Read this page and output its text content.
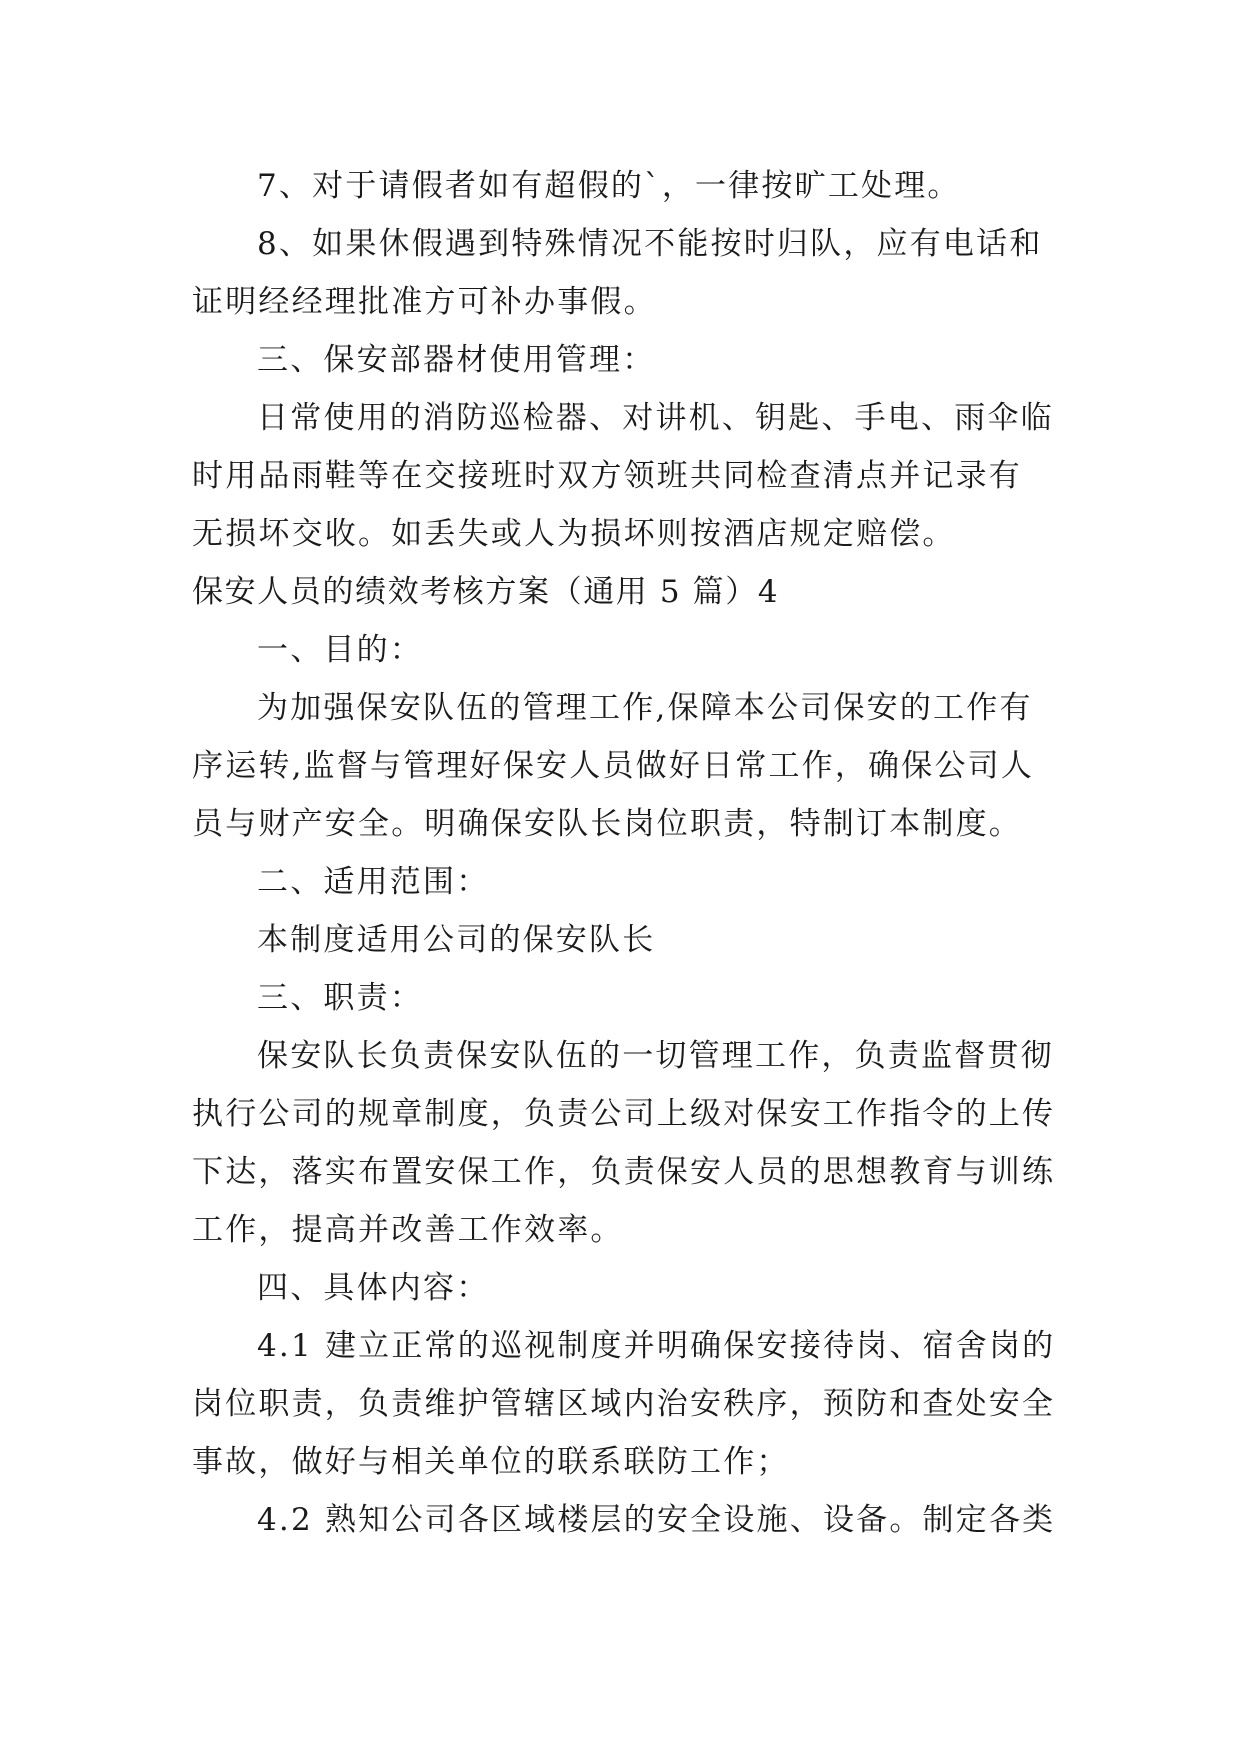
7、对于请假者如有超假的`，一律按旷工处理。
8、如果休假遇到特殊情况不能按时归队，应有电话和
证明经经理批准方可补办事假。
三、保安部器材使用管理：
日常使用的消防巡检器、对讲机、钥匙、手电、雨伞临
时用品雨鞋等在交接班时双方领班共同检查清点并记录有
无损坏交收。如丢失或人为损坏则按酒店规定赔偿。
保安人员的绩效考核方案（通用 5 篇）4
一、目的：
为加强保安队伍的管理工作,保障本公司保安的工作有
序运转,监督与管理好保安人员做好日常工作，确保公司人
员与财产安全。明确保安队长岗位职责，特制订本制度。
二、适用范围：
本制度适用公司的保安队长
三、职责：
保安队长负责保安队伍的一切管理工作，负责监督贯彻
执行公司的规章制度，负责公司上级对保安工作指令的上传
下达，落实布置安保工作，负责保安人员的思想教育与训练
工作，提高并改善工作效率。
四、具体内容：
4.1 建立正常的巡视制度并明确保安接待岗、宿舍岗的
岗位职责，负责维护管辖区域内治安秩序，预防和查处安全
事故，做好与相关单位的联系联防工作；
4.2 熟知公司各区域楼层的安全设施、设备。制定各类
